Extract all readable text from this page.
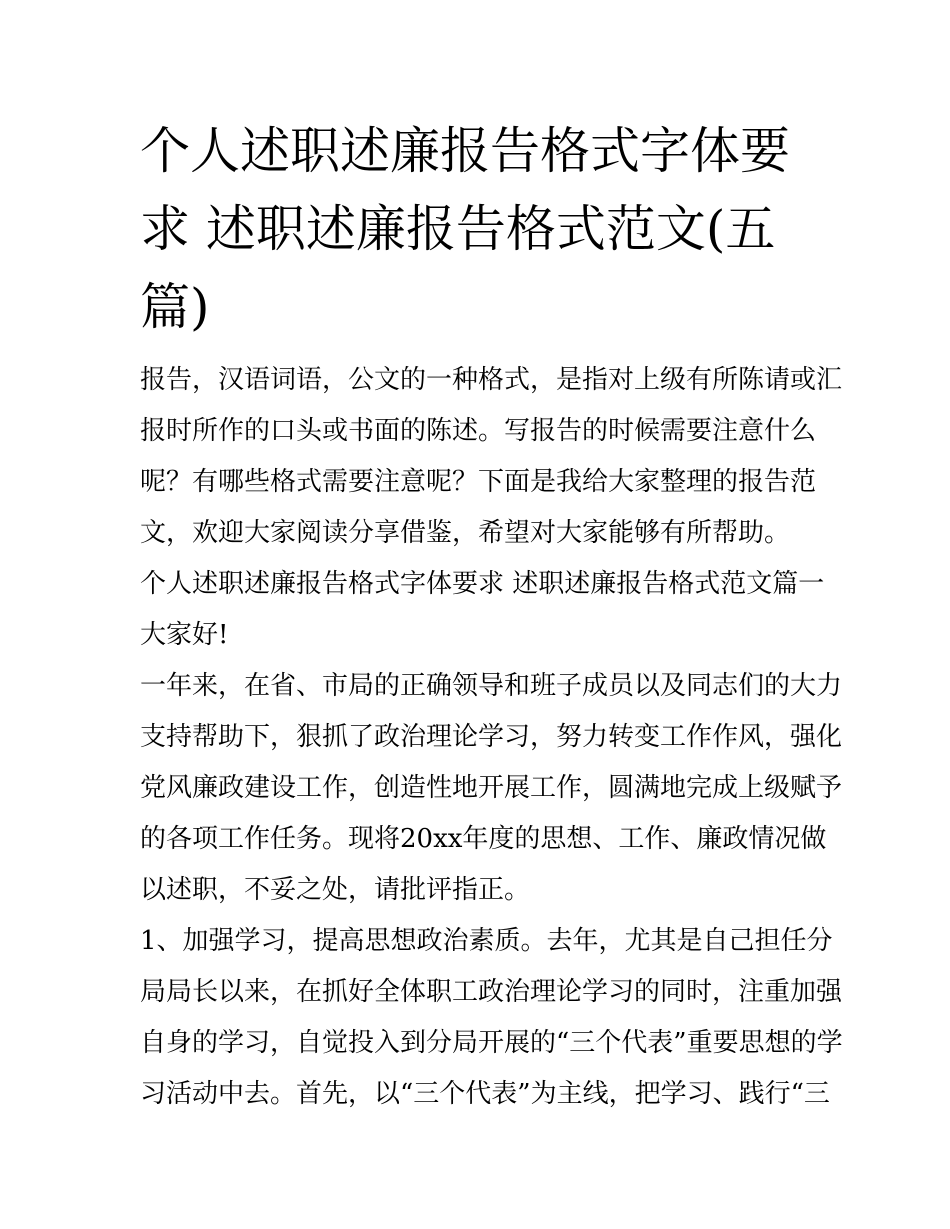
个人述职述廉报告格式字体要
求 述职述廉报告格式范文(五
篇)

报告，汉语词语，公文的一种格式，是指对上级有所陈请或汇
报时所作的口头或书面的陈述。写报告的时候需要注意什么
呢？有哪些格式需要注意呢？下面是我给大家整理的报告范
文，欢迎大家阅读分享借鉴，希望对大家能够有所帮助。

个人述职述廉报告格式字体要求 述职述廉报告格式范文篇一

大家好!

一年来，在省、市局的正确领导和班子成员以及同志们的大力
支持帮助下，狠抓了政治理论学习，努力转变工作作风，强化
党风廉政建设工作，创造性地开展工作，圆满地完成上级赋予
的各项工作任务。现将20xx年度的思想、工作、廉政情况做
以述职，不妥之处，请批评指正。

1、加强学习，提高思想政治素质。去年，尤其是自己担任分
局局长以来，在抓好全体职工政治理论学习的同时，注重加强
自身的学习，自觉投入到分局开展的“三个代表”重要思想的学
习活动中去。首先，以“三个代表”为主线，把学习、践行“三
